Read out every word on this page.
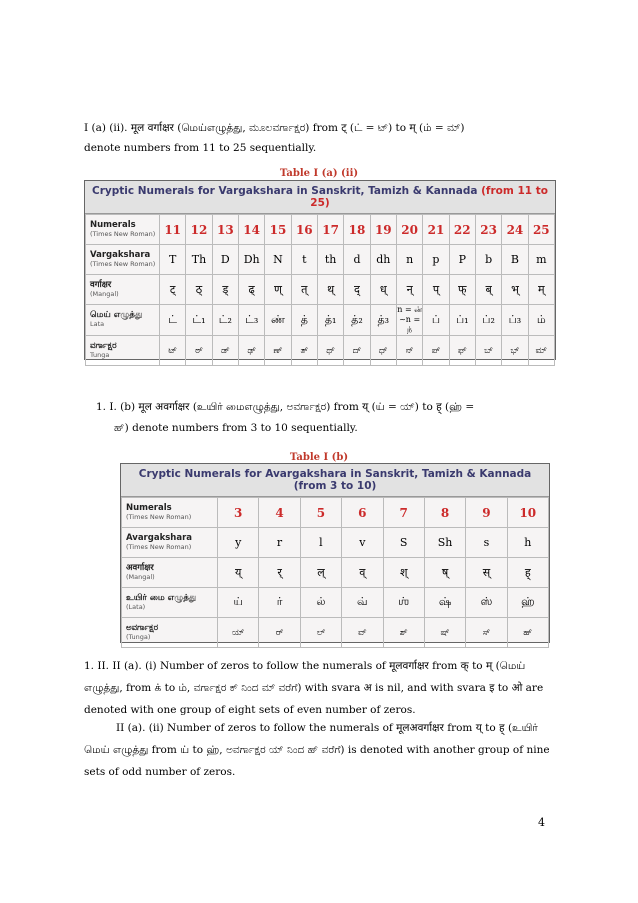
I (a) (ii). मूल वर्गाक्षर (மெய்எழுத்து, ಮೂಲವರ್ಗಾಕ್ಷರ) from ट् (ட் = ಟ್) to म् (ம் = ಮ್)
denote numbers from 11 to 25 sequentially.
Table I (a) (ii)
Cryptic Numerals for Vargakshara in Sanskrit, Tamizh & Kannada (from 11 to 25)
Numerals
(Times New Roman)	11	12	13	14	15	16	17	18	19	20	21	22	23	24	25
Vargakshara
(Times New Roman)	T	Th	D	Dh	N	t	th	d	dh	n	p	P	b	B	m
वर्गाक्षर
(Mangal)	ट्	ठ्	ड्	ढ्	ण्	त्	थ्	द्	ध्	न्	प्	फ्	ब्	भ्	म्
மெய் எழுத்து
Lata	ட்	ட்₁	ட்₂	ட்₃	ண்	த்	த்₁	த்₂	த்₃	n = ன் ~n = ந்	ப்	ப்₁	ப்₂	ப்₃	ம்
ವರ್ಗಾಕ್ಷರ
Tunga	ಟ್	ಠ್	ಡ್	ಢ್	ಣ್	ತ್	ಥ್	ದ್	ಧ್	ನ್	ಪ್	ಫ್	ಬ್	ಭ್	ಮ್
1. I. (b) मूल अवर्गाक्षर (உயிர் மைஎழுத்து, ಅವರ್ಗಾಕ್ಷರ) from य् (ய் = ಯ್) to ह् (ஹ் =
ಹ್) denote numbers from 3 to 10 sequentially.
Table I (b)
Cryptic Numerals for Avargakshara in Sanskrit, Tamizh & Kannada
(from 3 to 10)
Numerals
(Times New Roman)	3	4	5	6	7	8	9	10
Avargakshara
(Times New Roman)	y	r	l	v	S	Sh	s	h
अवर्गाक्षर
(Mangal)	य्	र्	ल्	व्	श्	ष्	स्	ह्
உயிர் மை எழுத்து
(Lata)	ய்	ர்	ல்	வ்	ஶ்	ஷ்	ஸ்	ஹ்
ಅವರ್ಗಾಕ್ಷರ
(Tunga)	ಯ್	ರ್	ಲ್	ವ್	ಶ್	ಷ್	ಸ್	ಹ್
1. II. II (a). (i) Number of zeros to follow the numerals of मूलवर्गाक्षर from क् to म् (மெய் எழுத்து, from க் to ம், ವರ್ಗಾಕ್ಷರ ಕ್ ನಿಂದ ಮ್ ವರೆಗೆ) with svara अ is nil, and with svara इ to ओ are denoted with one group of eight sets of even number of zeros.
II (a). (ii) Number of zeros to follow the numerals of मूलअवर्गाक्षर from य् to ह् (உயிர் மெய் எழுத்து from ய் to ஹ், ಅವರ್ಗಾಕ್ಷರ ಯ್ ನಿಂದ ಹ್ ವರೆಗೆ) is denoted with another group of nine sets of odd number of zeros.
4
